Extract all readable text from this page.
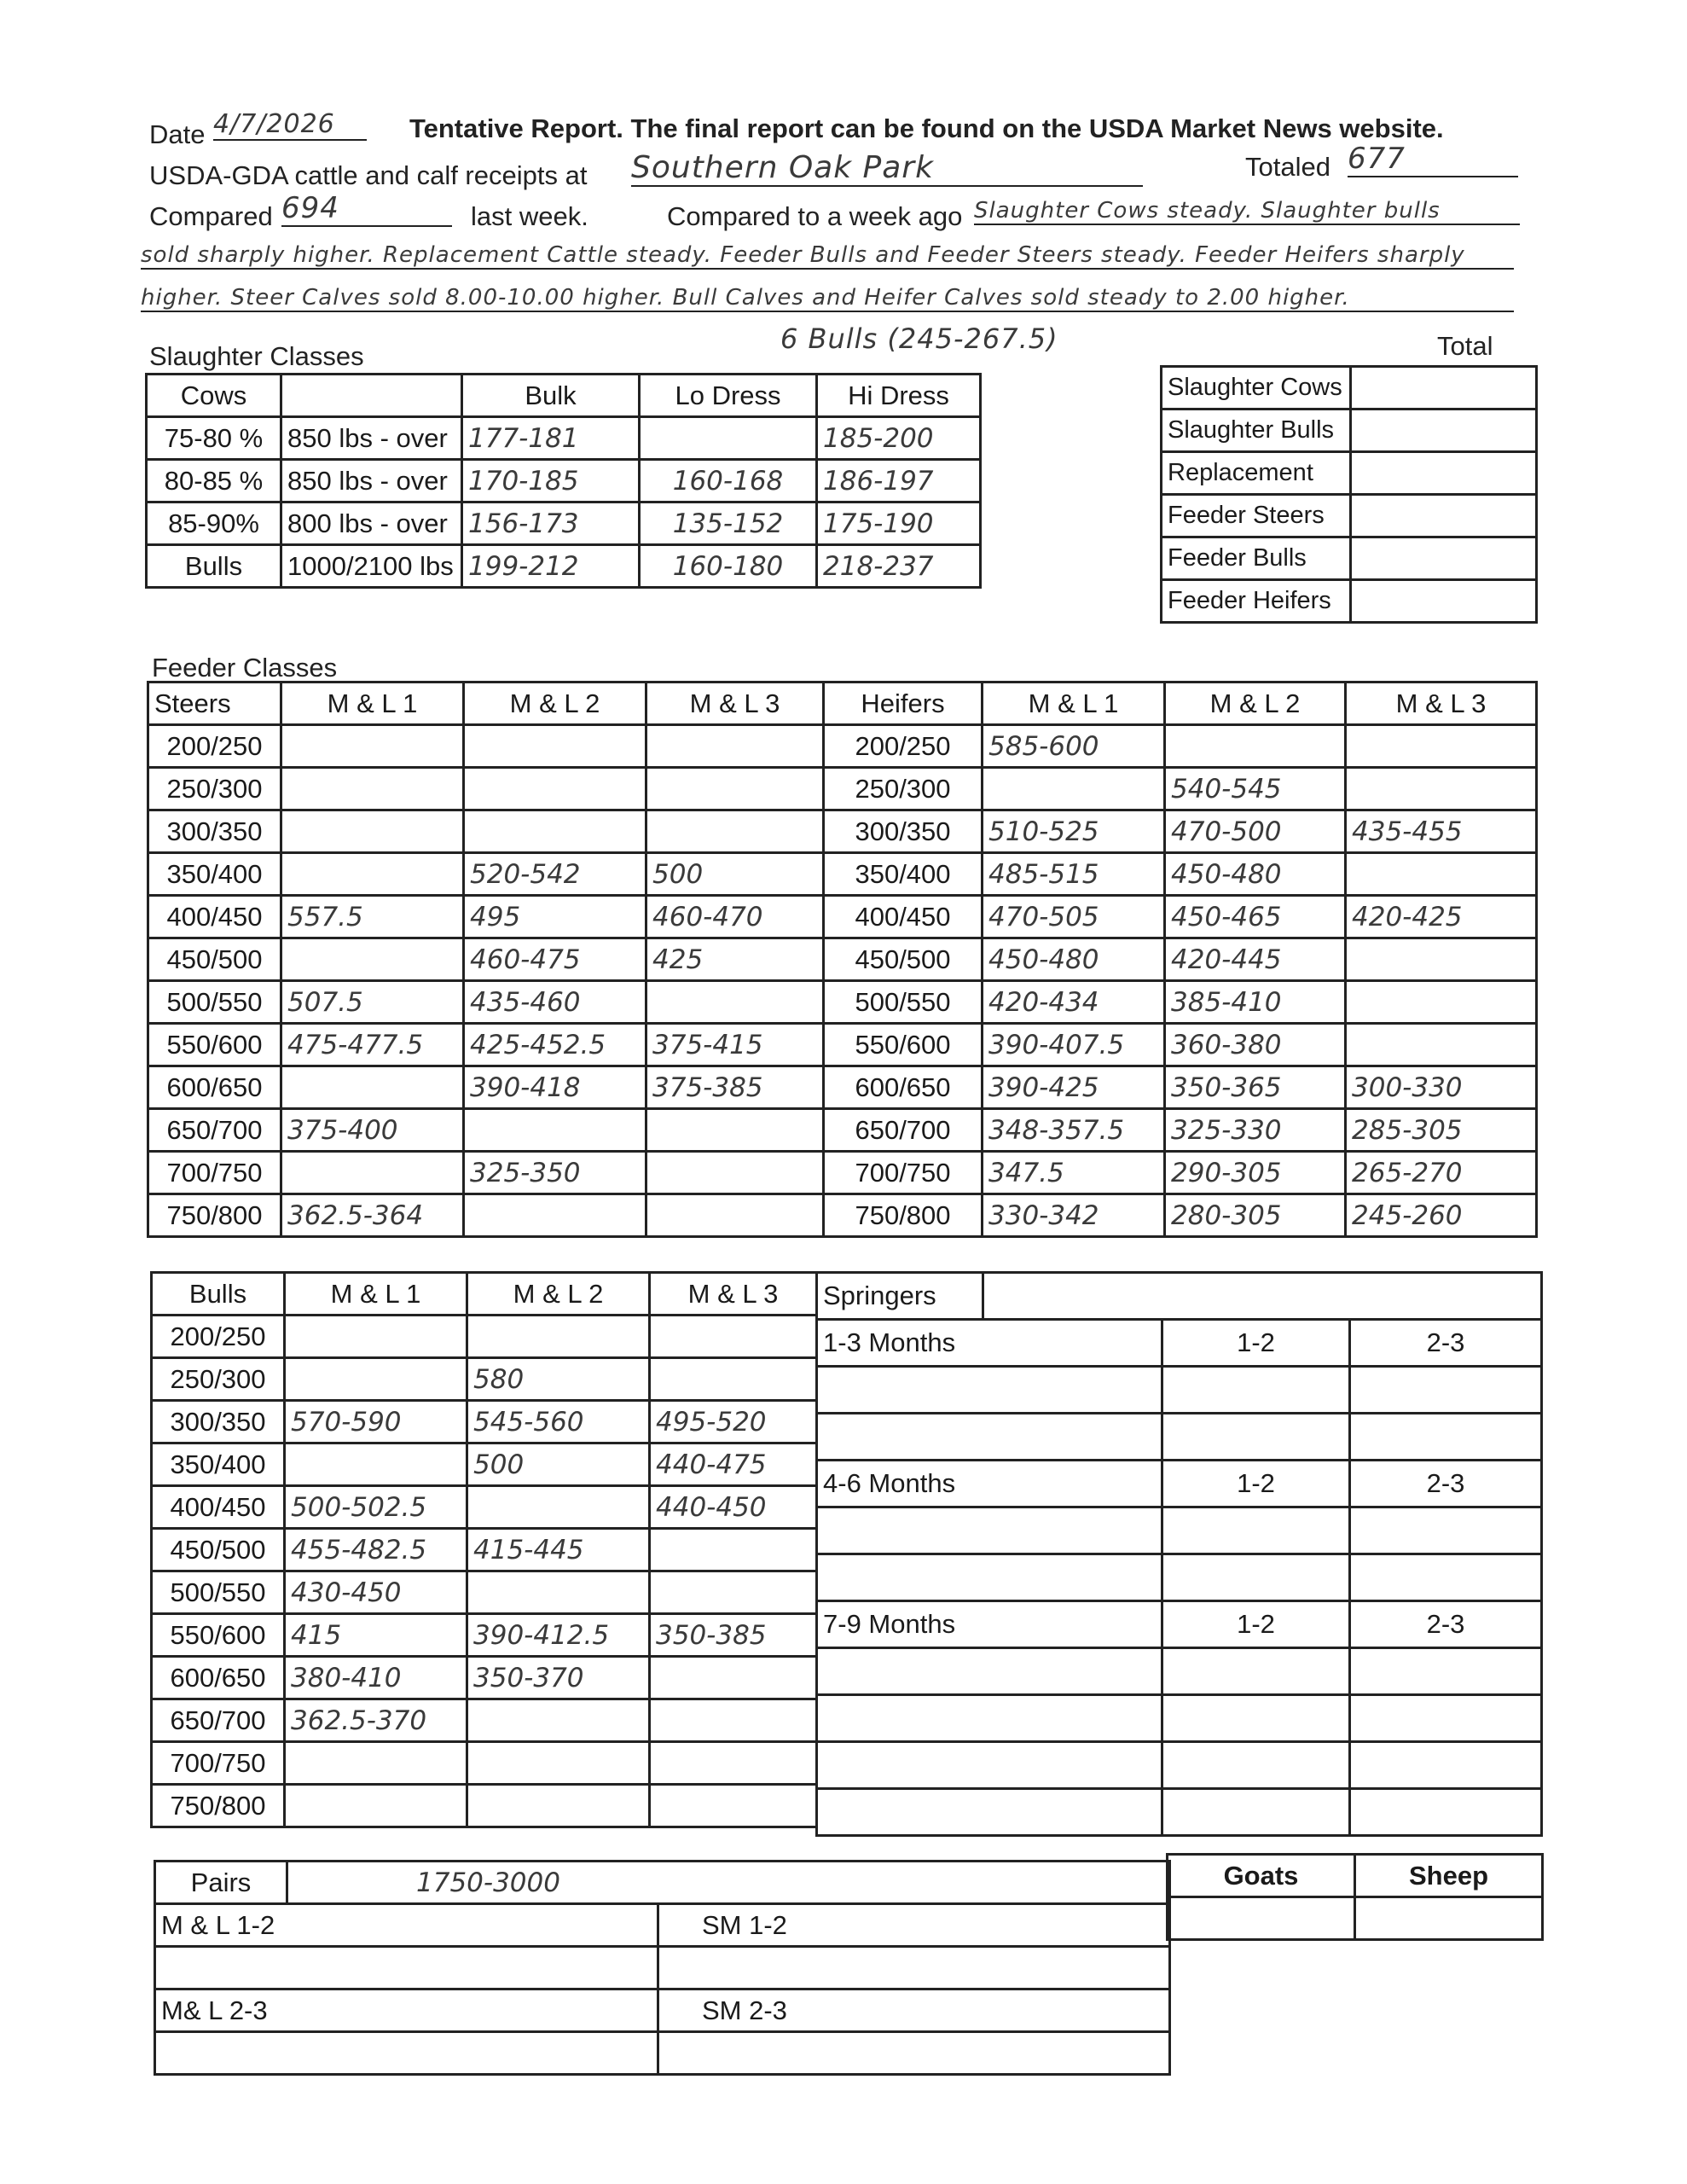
Date 4/7/2026	Tentative Report. The final report can be found on the USDA Market News website.
USDA-GDA cattle and calf receipts at Southern Oak Park	Totaled 677
Compared 694	last week.	Compared to a week ago Slaughter Cows steady. Slaughter bulls
sold sharply higher. Replacement Cattle steady. Feeder Bulls and Feeder Steers steady. Feeder Heifers sharply
higher. Steer Calves sold 8.00-10.00 higher. Bull Calves and Heifer Calves sold steady to 2.00 higher.
6 Bulls (245-267.5)
Slaughter Classes
Cows		Bulk	Lo Dress	Hi Dress
75-80 %	850 lbs - over	177-181		185-200
80-85 %	850 lbs - over	170-185	160-168	186-197
85-90%	800 lbs - over	156-173	135-152	175-190
Bulls	1000/2100 lbs	199-212	160-180	218-237
Total
Slaughter Cows	
Slaughter Bulls	
Replacement	
Feeder Steers	
Feeder Bulls	
Feeder Heifers	
Feeder Classes
Steers	M & L 1	M & L 2	M & L 3	Heifers	M & L 1	M & L 2	M & L 3
200/250				200/250	585-600		
250/300				250/300		540-545	
300/350				300/350	510-525	470-500	435-455
350/400		520-542	500	350/400	485-515	450-480	
400/450	557.5	495	460-470	400/450	470-505	450-465	420-425
450/500		460-475	425	450/500	450-480	420-445	
500/550	507.5	435-460		500/550	420-434	385-410	
550/600	475-477.5	425-452.5	375-415	550/600	390-407.5	360-380	
600/650		390-418	375-385	600/650	390-425	350-365	300-330
650/700	375-400			650/700	348-357.5	325-330	285-305
700/750		325-350		700/750	347.5	290-305	265-270
750/800	362.5-364			750/800	330-342	280-305	245-260
Bulls	M & L 1	M & L 2	M & L 3
200/250			
250/300		580	
300/350	570-590	545-560	495-520
350/400		500	440-475
400/450	500-502.5		440-450
450/500	455-482.5	415-445	
500/550	430-450		
550/600	415	390-412.5	350-385
600/650	380-410	350-370	
650/700	362.5-370		
700/750			
750/800			
Springers			
1-3 Months		1-2	2-3

4-6 Months		1-2	2-3

7-9 Months		1-2	2-3

Pairs	1750-3000	
M & L 1-2		SM 1-2

M& L 2-3		SM 2-3

Goats	Sheep
